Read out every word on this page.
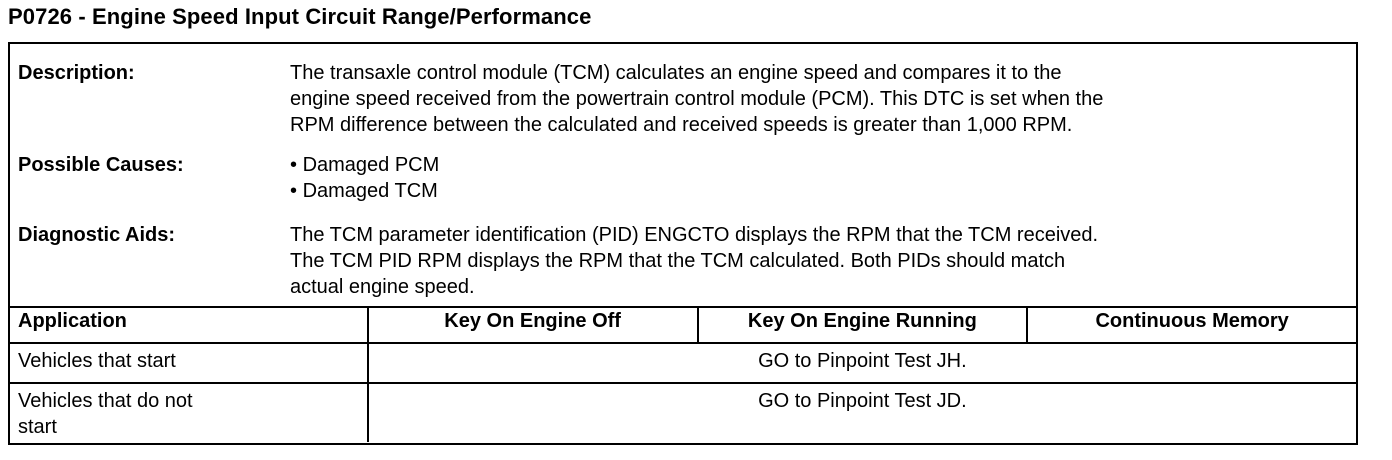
P0726 - Engine Speed Input Circuit Range/Performance
Description:	The transaxle control module (TCM) calculates an engine speed and compares it to the
engine speed received from the powertrain control module (PCM). This DTC is set when the
RPM difference between the calculated and received speeds is greater than 1,000 RPM.
Possible Causes:	• Damaged PCM
• Damaged TCM
Diagnostic Aids:	The TCM parameter identification (PID) ENGCTO displays the RPM that the TCM received.
The TCM PID RPM displays the RPM that the TCM calculated. Both PIDs should match
actual engine speed.
Application	Key On Engine Off	Key On Engine Running	Continuous Memory
Vehicles that start	GO to Pinpoint Test JH.		

Vehicles that do not
start	GO to Pinpoint Test JD.		
